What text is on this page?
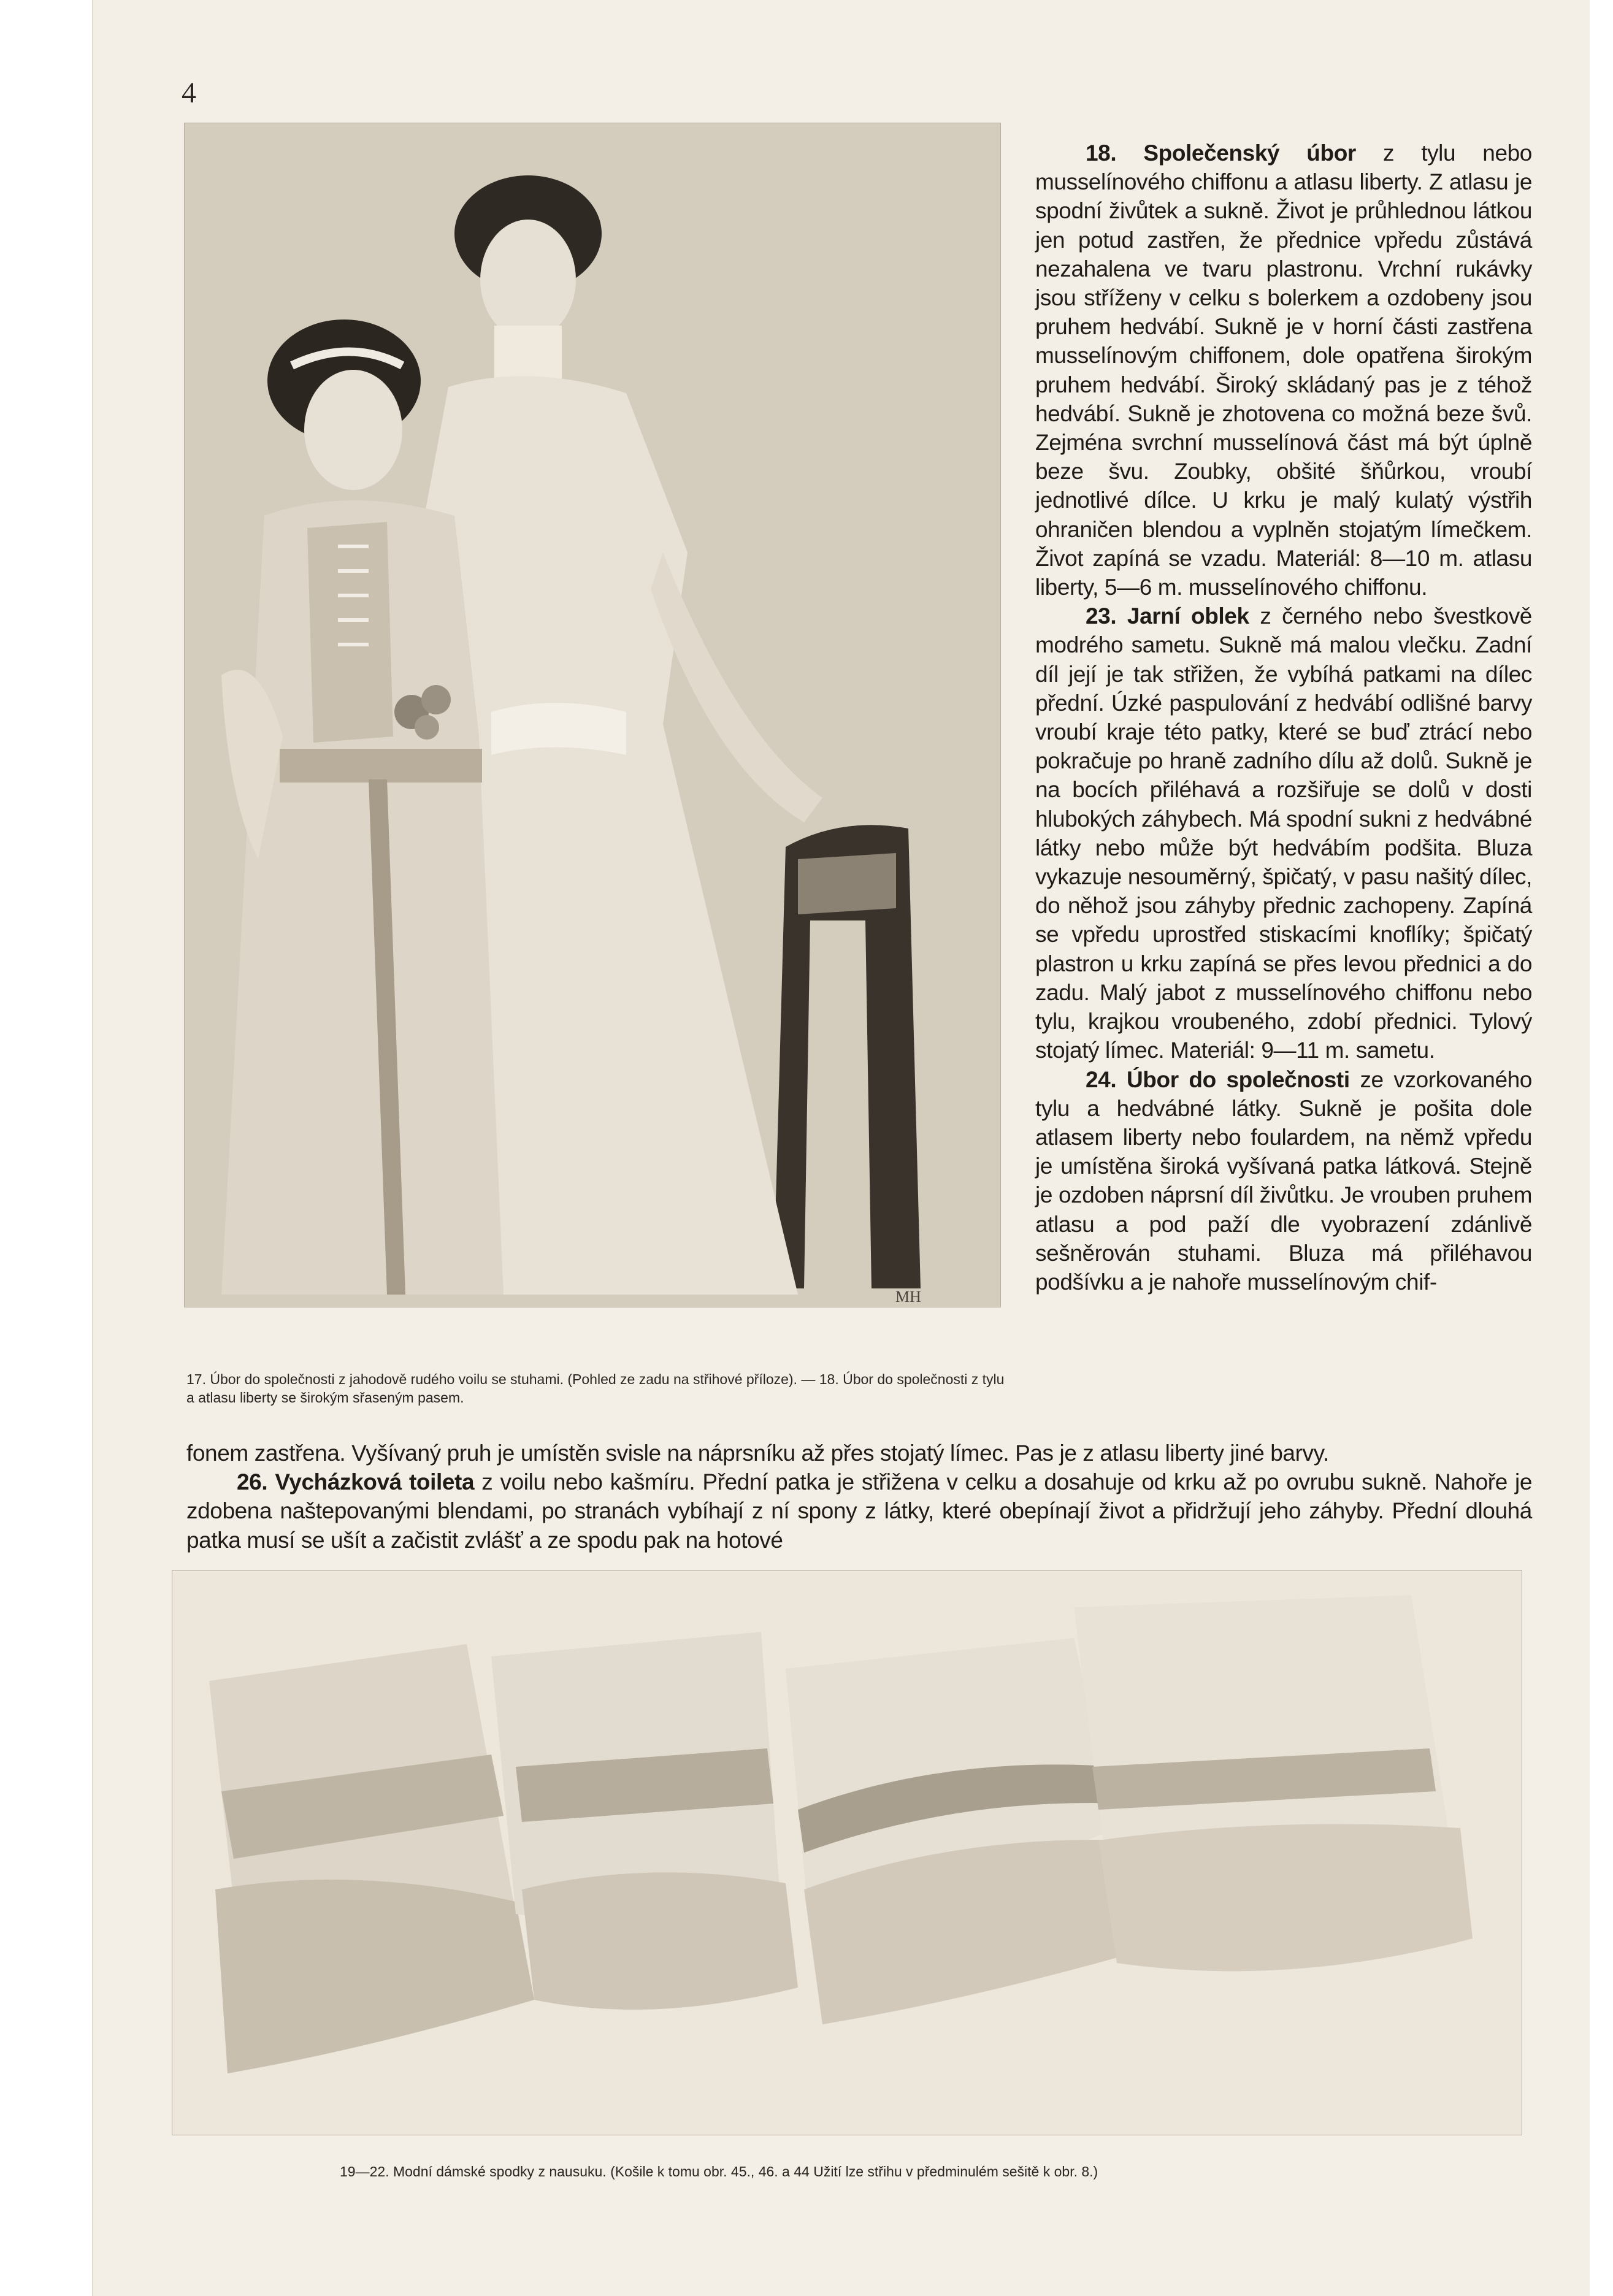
4
MH
17. Úbor do společnosti z jahodově rudého voilu se stuhami. (Pohled ze zadu na střihové příloze). — 18. Úbor do společnosti z tylu a atlasu liberty se širokým sřaseným pasem.

18. Společenský úbor z tylu nebo musselínového chiffonu a atlasu liberty. Z atlasu je spodní živůtek a sukně. Život je průhlednou látkou jen potud zastřen, že přednice vpředu zůstává nezahalena ve tvaru plastronu. Vrchní rukávky jsou stříženy v celku s bolerkem a ozdobeny jsou pruhem hedvábí. Sukně je v horní části zastřena musselínovým chiffonem, dole opatřena širokým pruhem hedvábí. Široký skládaný pas je z téhož hedvábí. Sukně je zhotovena co možná beze švů. Zejména svrchní musselínová část má být úplně beze švu. Zoubky, obšité šňůrkou, vroubí jednotlivé dílce. U krku je malý kulatý výstřih ohraničen blendou a vyplněn stojatým límečkem. Život zapíná se vzadu. Materiál: 8—10 m. atlasu liberty, 5—6 m. musselínového chiffonu.

23. Jarní oblek z černého nebo švestkově modrého sametu. Sukně má malou vlečku. Zadní díl její je tak střižen, že vybíhá patkami na dílec přední. Úzké paspulování z hedvábí odlišné barvy vroubí kraje této patky, které se buď ztrácí nebo pokračuje po hraně zadního dílu až dolů. Sukně je na bocích přiléhavá a rozšiřuje se dolů v dosti hlubokých záhybech. Má spodní sukni z hedvábné látky nebo může být hedvábím podšita. Bluza vykazuje nesouměrný, špičatý, v pasu našitý dílec, do něhož jsou záhyby přednic zachopeny. Zapíná se vpředu uprostřed stiskacími knoflíky; špičatý plastron u krku zapíná se přes levou přednici a do zadu. Malý jabot z musselínového chiffonu nebo tylu, krajkou vroubeného, zdobí přednici. Tylový stojatý límec. Materiál: 9—11 m. sametu.

24. Úbor do společnosti ze vzorkovaného tylu a hedvábné látky. Sukně je pošita dole atlasem liberty nebo foulardem, na němž vpředu je umístěna široká vyšívaná patka látková. Stejně je ozdoben náprsní díl živůtku. Je vrouben pruhem atlasu a pod paží dle vyobrazení zdánlivě sešněrován stuhami. Bluza má přiléhavou podšívku a je nahoře musselínovým chif-

fonem zastřena. Vyšívaný pruh je umístěn svisle na náprsníku až přes stojatý límec. Pas je z atlasu liberty jiné barvy.

26. Vycházková toileta z voilu nebo kašmíru. Přední patka je střižena v celku a dosahuje od krku až po ovrubu sukně. Nahoře je zdobena naštepovanými blendami, po stranách vybíhají z ní spony z látky, které obepínají život a přidržují jeho záhyby. Přední dlouhá patka musí se ušít a začistit zvlášť a ze spodu pak na hotové

19—22. Modní dámské spodky z nausuku. (Košile k tomu obr. 45., 46. a 44 Užití lze střihu v předminulém sešitě k obr. 8.)
